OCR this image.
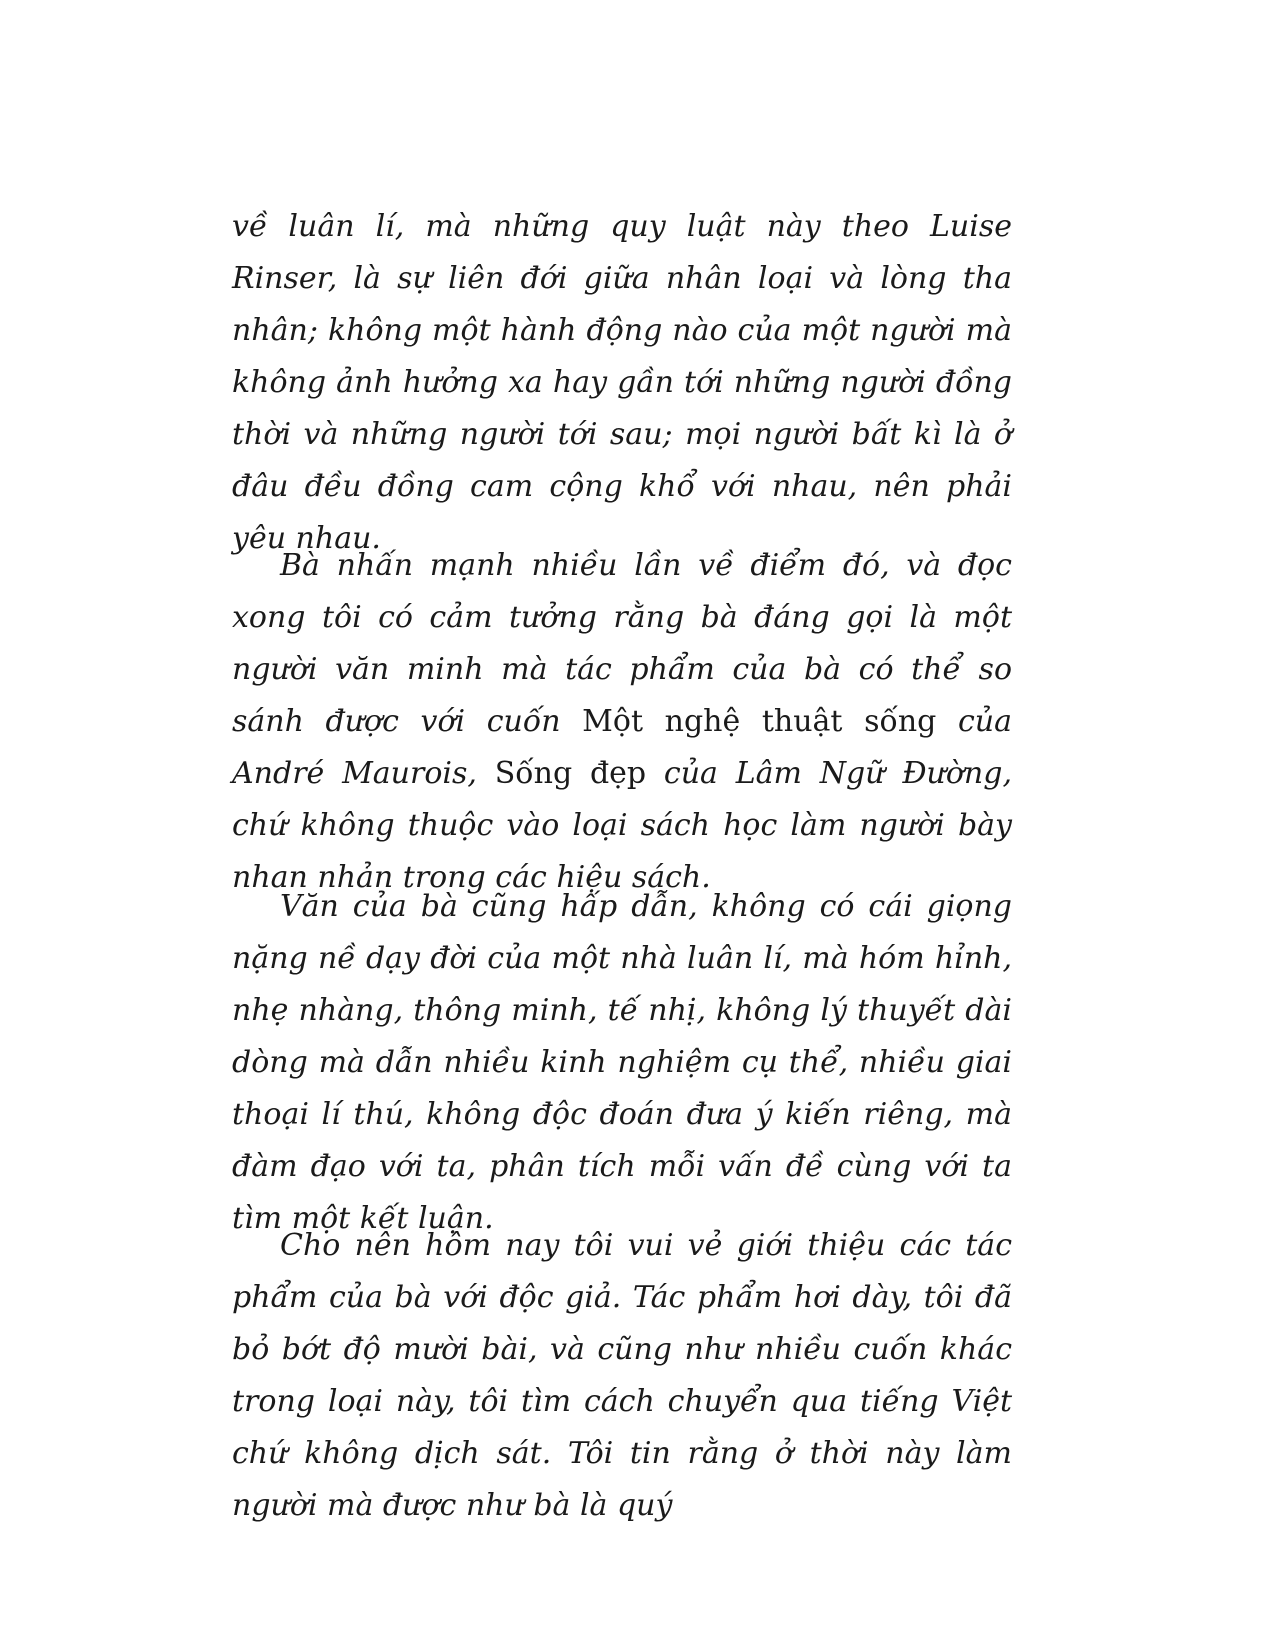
về luân lí, mà những quy luật này theo Luise Rinser, là sự liên đới giữa nhân loại và lòng tha nhân; không một hành động nào của một người mà không ảnh hưởng xa hay gần tới những người đồng thời và những người tới sau; mọi người bất kì là ở đâu đều đồng cam cộng khổ với nhau, nên phải yêu nhau.

Bà nhấn mạnh nhiều lần về điểm đó, và đọc xong tôi có cảm tưởng rằng bà đáng gọi là một người văn minh mà tác phẩm của bà có thể so sánh được với cuốn Một nghệ thuật sống của André Maurois, Sống đẹp của Lâm Ngữ Đường, chứ không thuộc vào loại sách học làm người bày nhan nhản trong các hiệu sách.

Văn của bà cũng hấp dẫn, không có cái giọng nặng nề dạy đời của một nhà luân lí, mà hóm hỉnh, nhẹ nhàng, thông minh, tế nhị, không lý thuyết dài dòng mà dẫn nhiều kinh nghiệm cụ thể, nhiều giai thoại lí thú, không độc đoán đưa ý kiến riêng, mà đàm đạo với ta, phân tích mỗi vấn đề cùng với ta tìm một kết luận.

Cho nên hôm nay tôi vui vẻ giới thiệu các tác phẩm của bà với độc giả. Tác phẩm hơi dày, tôi đã bỏ bớt độ mười bài, và cũng như nhiều cuốn khác trong loại này, tôi tìm cách chuyển qua tiếng Việt chứ không dịch sát. Tôi tin rằng ở thời này làm người mà được như bà là quý
